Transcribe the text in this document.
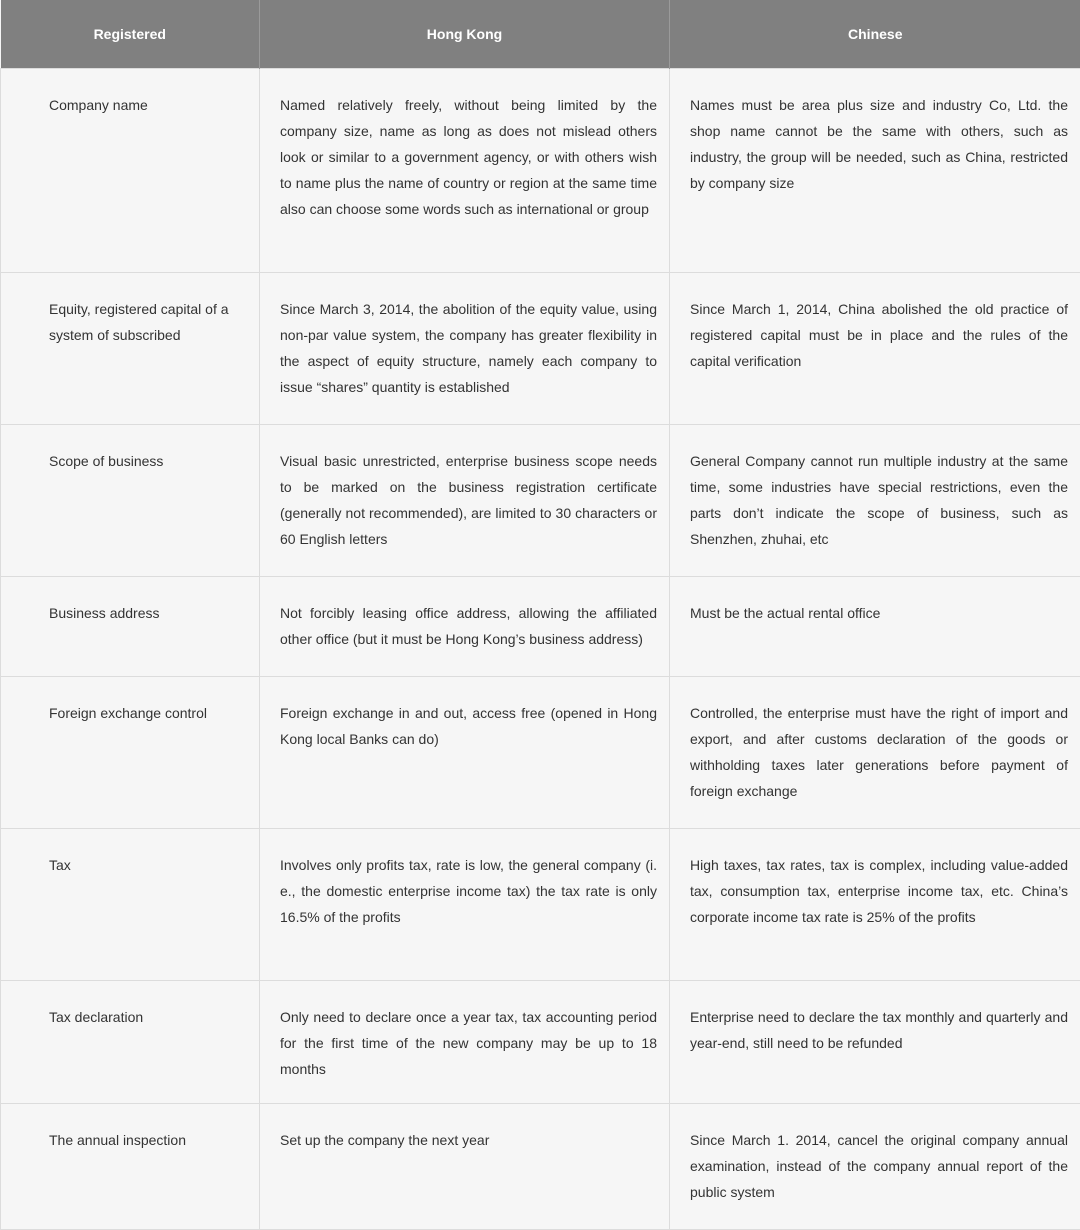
Registered	Hong Kong	Chinese
Company name	Named relatively freely, without being limited by the company size, name as long as does not mislead others look or similar to a government agency, or with others wish to name plus the name of country or region at the same time also can choose some words such as international or group	Names must be area plus size and industry Co, Ltd. the shop name cannot be the same with others, such as industry, the group will be needed, such as China, restricted by company size
Equity, registered capital of a system of subscribed	Since March 3, 2014, the abolition of the equity value, using non-par value system, the company has greater flexibility in the aspect of equity structure, namely each company to issue “shares” quantity is established	Since March 1, 2014, China abolished the old practice of registered capital must be in place and the rules of the capital verification
Scope of business	Visual basic unrestricted, enterprise business scope needs to be marked on the business registration certificate (generally not recommended), are limited to 30 characters or 60 English letters	General Company cannot run multiple industry at the same time, some industries have special restrictions, even the parts don’t indicate the scope of business, such as Shenzhen, zhuhai, etc
Business address	Not forcibly leasing office address, allowing the affiliated other office (but it must be Hong Kong’s business address)	Must be the actual rental office
Foreign exchange control	Foreign exchange in and out, access free (opened in Hong Kong local Banks can do)	Controlled, the enterprise must have the right of import and export, and after customs declaration of the goods or withholding taxes later generations before payment of foreign exchange
Tax	Involves only profits tax, rate is low, the general company (i. e., the domestic enterprise income tax) the tax rate is only 16.5% of the profits	High taxes, tax rates, tax is complex, including value-added tax, consumption tax, enterprise income tax, etc. China’s corporate income tax rate is 25% of the profits
Tax declaration	Only need to declare once a year tax, tax accounting period for the first time of the new company may be up to 18 months	Enterprise need to declare the tax monthly and quarterly and year-end, still need to be refunded
The annual inspection	Set up the company the next year	Since March 1. 2014, cancel the original company annual examination, instead of the company annual report of the public system
